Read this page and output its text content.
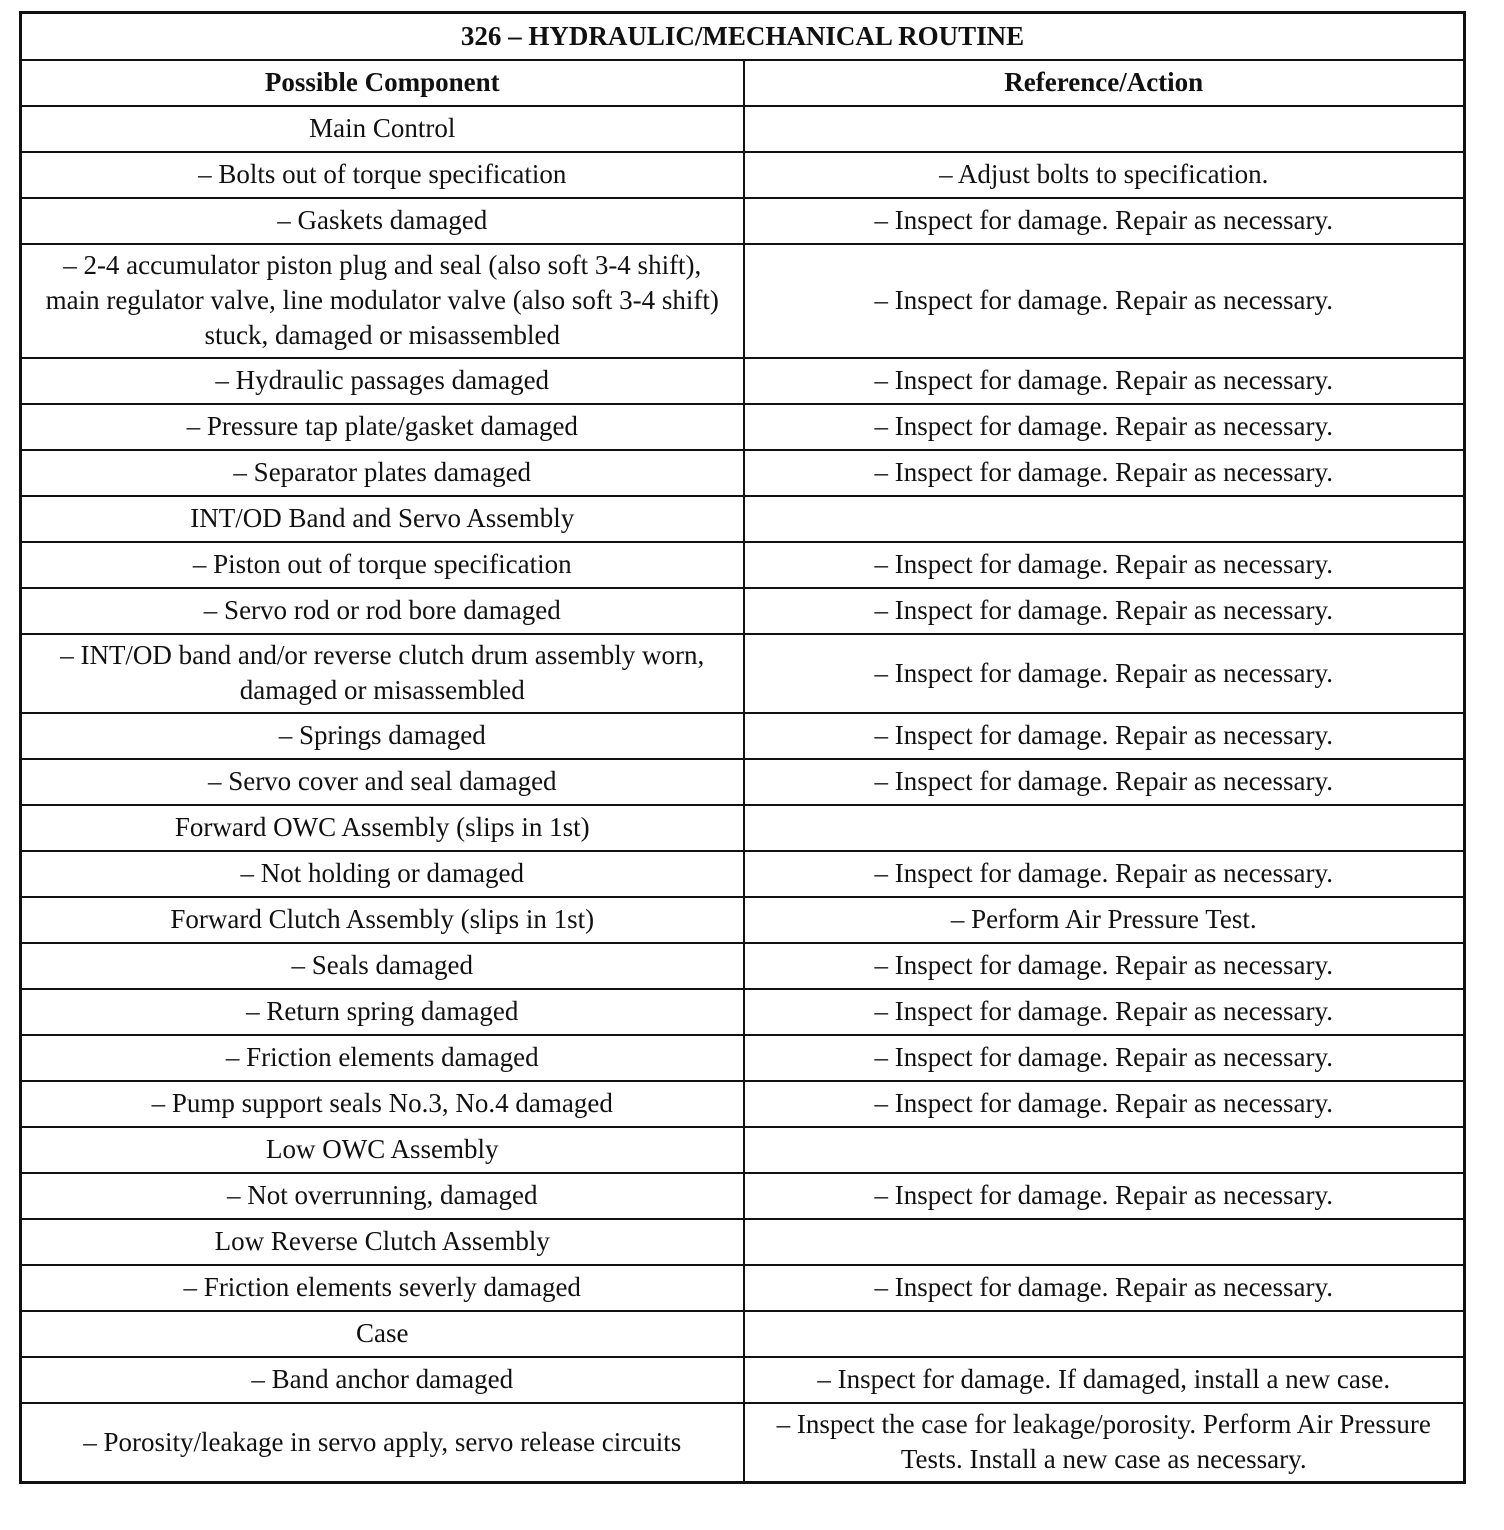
326 – HYDRAULIC/MECHANICAL ROUTINE	
Possible Component	Reference/Action
Main Control	
– Bolts out of torque specification	– Adjust bolts to specification.
– Gaskets damaged	– Inspect for damage. Repair as necessary.
– 2-4 accumulator piston plug and seal (also soft 3-4 shift), main regulator valve, line modulator valve (also soft 3-4 shift) stuck, damaged or misassembled	– Inspect for damage. Repair as necessary.
– Hydraulic passages damaged	– Inspect for damage. Repair as necessary.
– Pressure tap plate/gasket damaged	– Inspect for damage. Repair as necessary.
– Separator plates damaged	– Inspect for damage. Repair as necessary.
INT/OD Band and Servo Assembly	
– Piston out of torque specification	– Inspect for damage. Repair as necessary.
– Servo rod or rod bore damaged	– Inspect for damage. Repair as necessary.
– INT/OD band and/or reverse clutch drum assembly worn, damaged or misassembled	– Inspect for damage. Repair as necessary.
– Springs damaged	– Inspect for damage. Repair as necessary.
– Servo cover and seal damaged	– Inspect for damage. Repair as necessary.
Forward OWC Assembly (slips in 1st)	
– Not holding or damaged	– Inspect for damage. Repair as necessary.
Forward Clutch Assembly (slips in 1st)	– Perform Air Pressure Test.
– Seals damaged	– Inspect for damage. Repair as necessary.
– Return spring damaged	– Inspect for damage. Repair as necessary.
– Friction elements damaged	– Inspect for damage. Repair as necessary.
– Pump support seals No.3, No.4 damaged	– Inspect for damage. Repair as necessary.
Low OWC Assembly	
– Not overrunning, damaged	– Inspect for damage. Repair as necessary.
Low Reverse Clutch Assembly	
– Friction elements severly damaged	– Inspect for damage. Repair as necessary.
Case	
– Band anchor damaged	– Inspect for damage. If damaged, install a new case.
– Porosity/leakage in servo apply, servo release circuits	– Inspect the case for leakage/porosity. Perform Air Pressure Tests. Install a new case as necessary.
